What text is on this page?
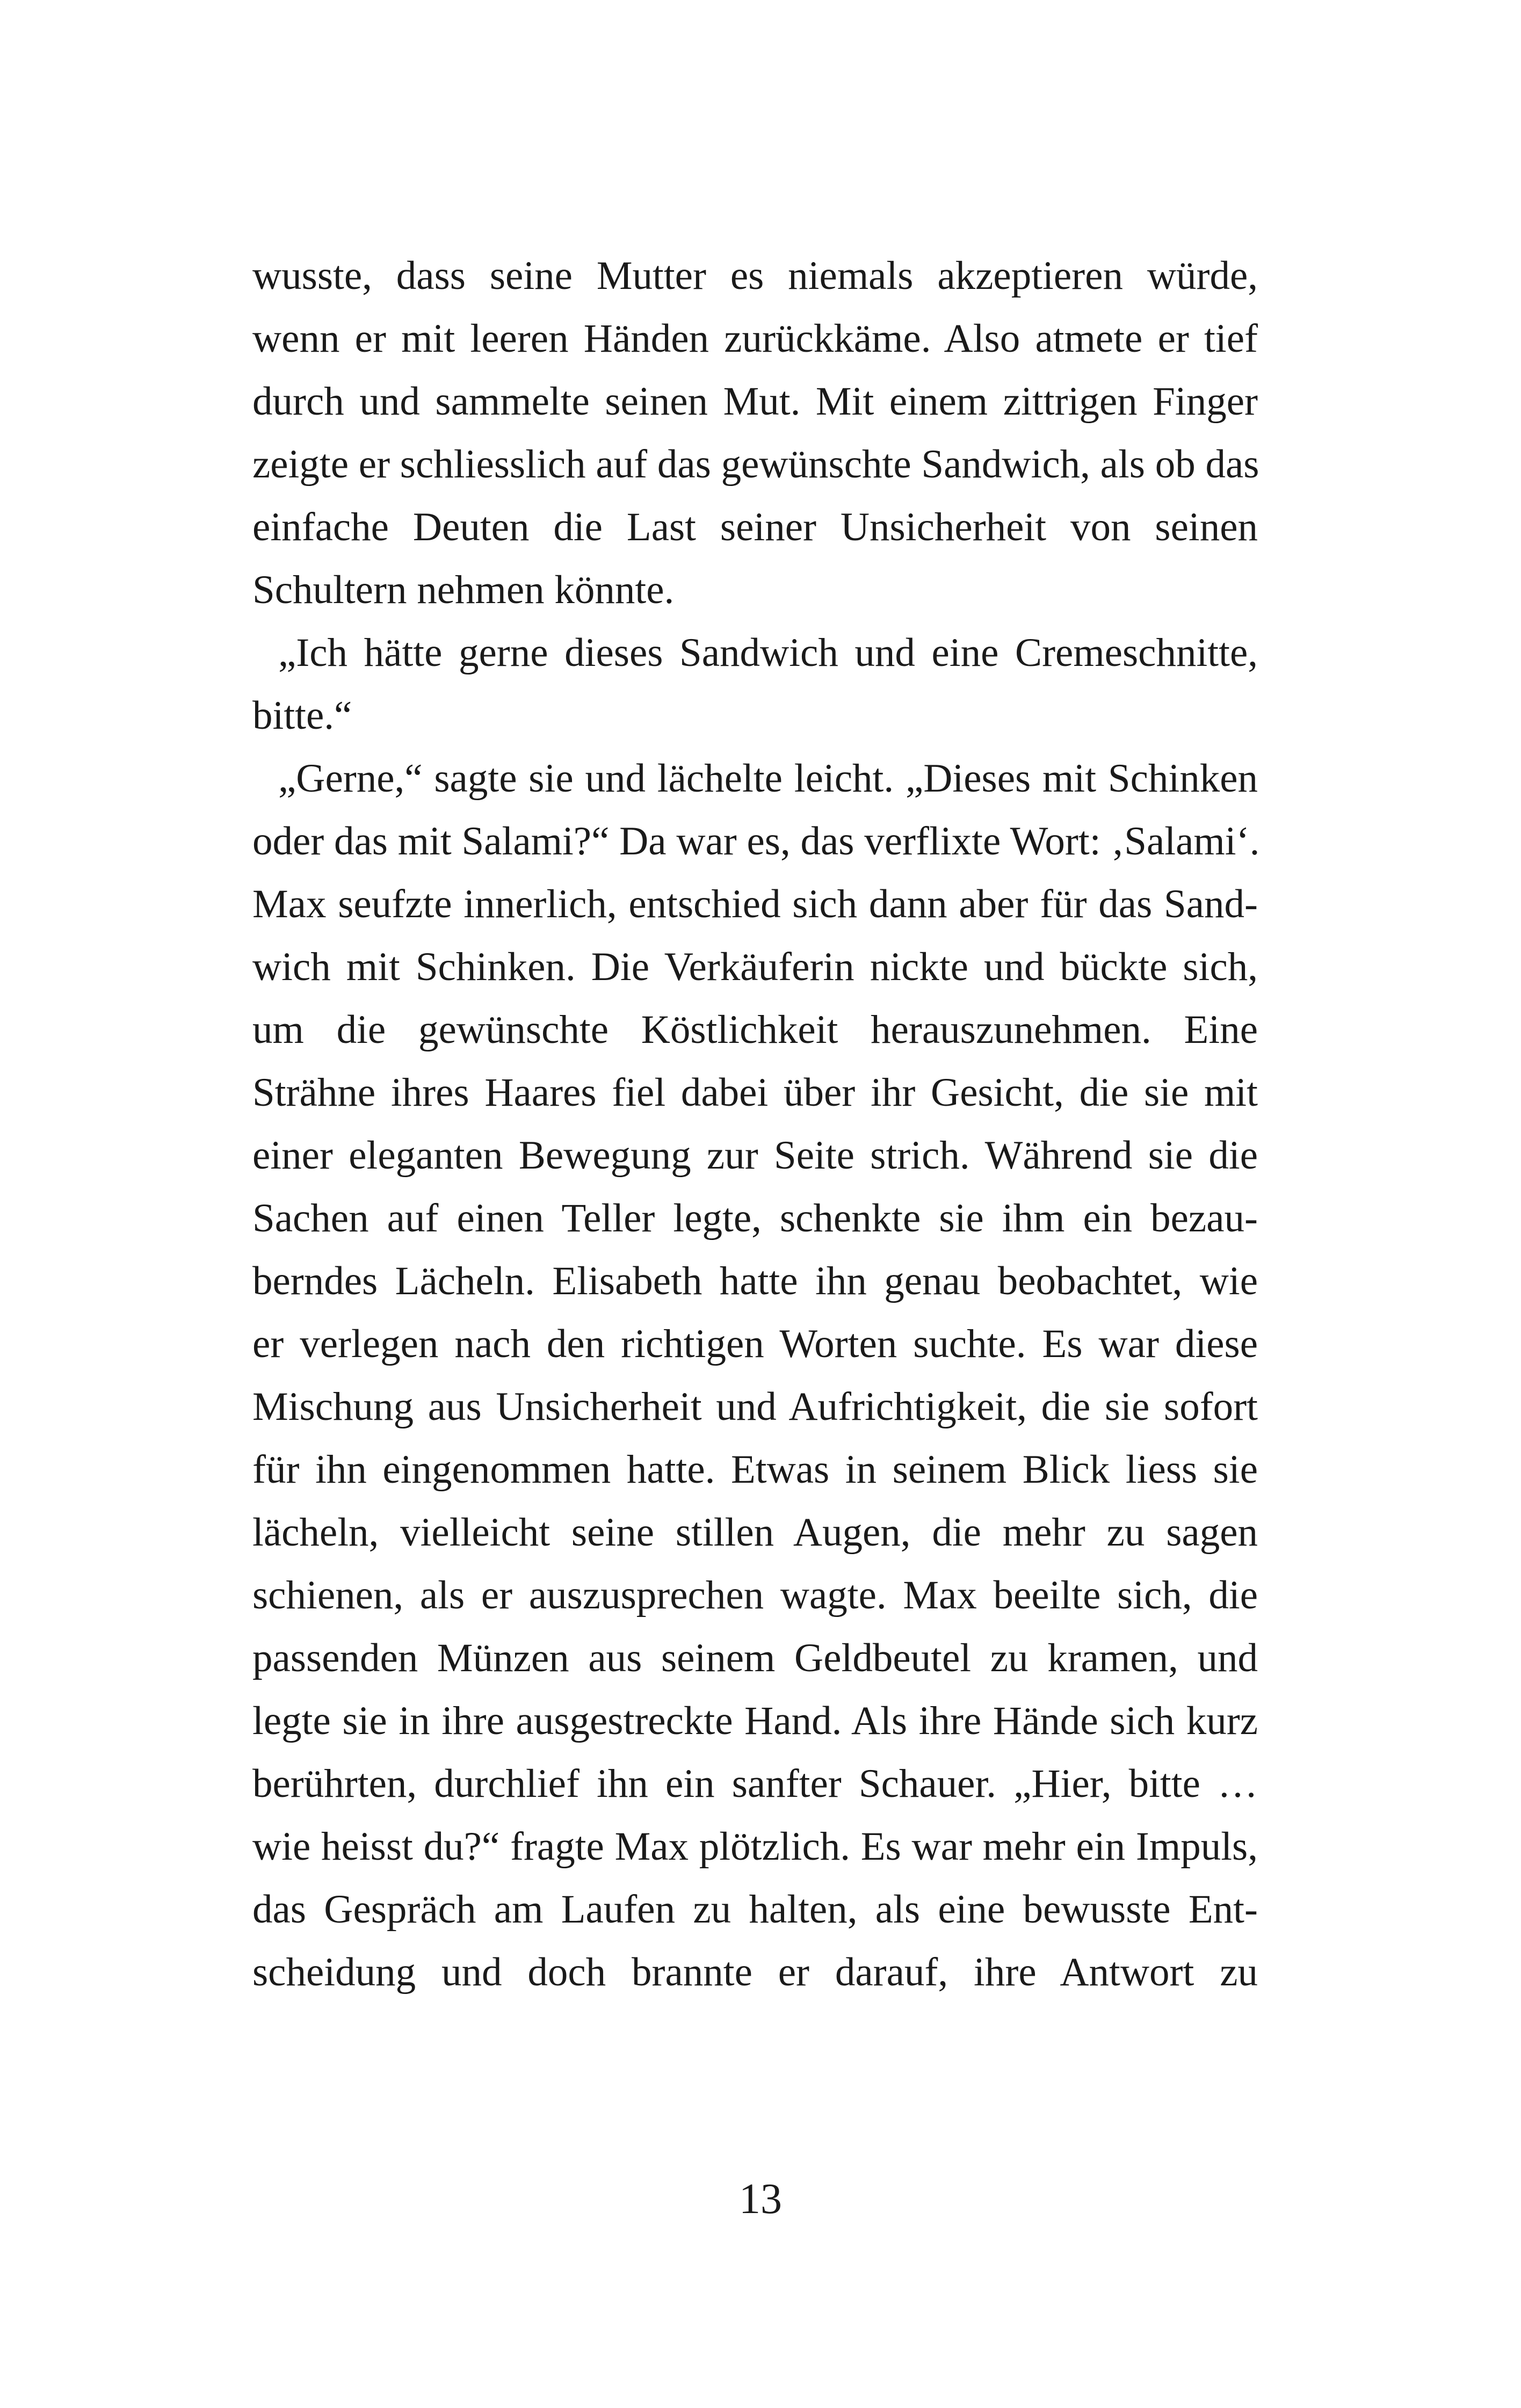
wusste, dass seine Mutter es niemals akzeptieren würde,
wenn er mit leeren Händen zurückkäme. Also atmete er tief
durch und sammelte seinen Mut. Mit einem zittrigen Finger
zeigte er schliesslich auf das gewünschte Sandwich, als ob das
einfache Deuten die Last seiner Unsicherheit von seinen
Schultern nehmen könnte.
„Ich hätte gerne dieses Sandwich und eine Cremeschnitte,
bitte.“
„Gerne,“ sagte sie und lächelte leicht. „Dieses mit Schinken
oder das mit Salami?“ Da war es, das verflixte Wort: ‚Salami‘.
Max seufzte innerlich, entschied sich dann aber für das Sand-
wich mit Schinken. Die Verkäuferin nickte und bückte sich,
um die gewünschte Köstlichkeit herauszunehmen. Eine
Strähne ihres Haares fiel dabei über ihr Gesicht, die sie mit
einer eleganten Bewegung zur Seite strich. Während sie die
Sachen auf einen Teller legte, schenkte sie ihm ein bezau-
berndes Lächeln. Elisabeth hatte ihn genau beobachtet, wie
er verlegen nach den richtigen Worten suchte. Es war diese
Mischung aus Unsicherheit und Aufrichtigkeit, die sie sofort
für ihn eingenommen hatte. Etwas in seinem Blick liess sie
lächeln, vielleicht seine stillen Augen, die mehr zu sagen
schienen, als er auszusprechen wagte. Max beeilte sich, die
passenden Münzen aus seinem Geldbeutel zu kramen, und
legte sie in ihre ausgestreckte Hand. Als ihre Hände sich kurz
berührten, durchlief ihn ein sanfter Schauer. „Hier, bitte …
wie heisst du?“ fragte Max plötzlich. Es war mehr ein Impuls,
das Gespräch am Laufen zu halten, als eine bewusste Ent-
scheidung und doch brannte er darauf, ihre Antwort zu
13
